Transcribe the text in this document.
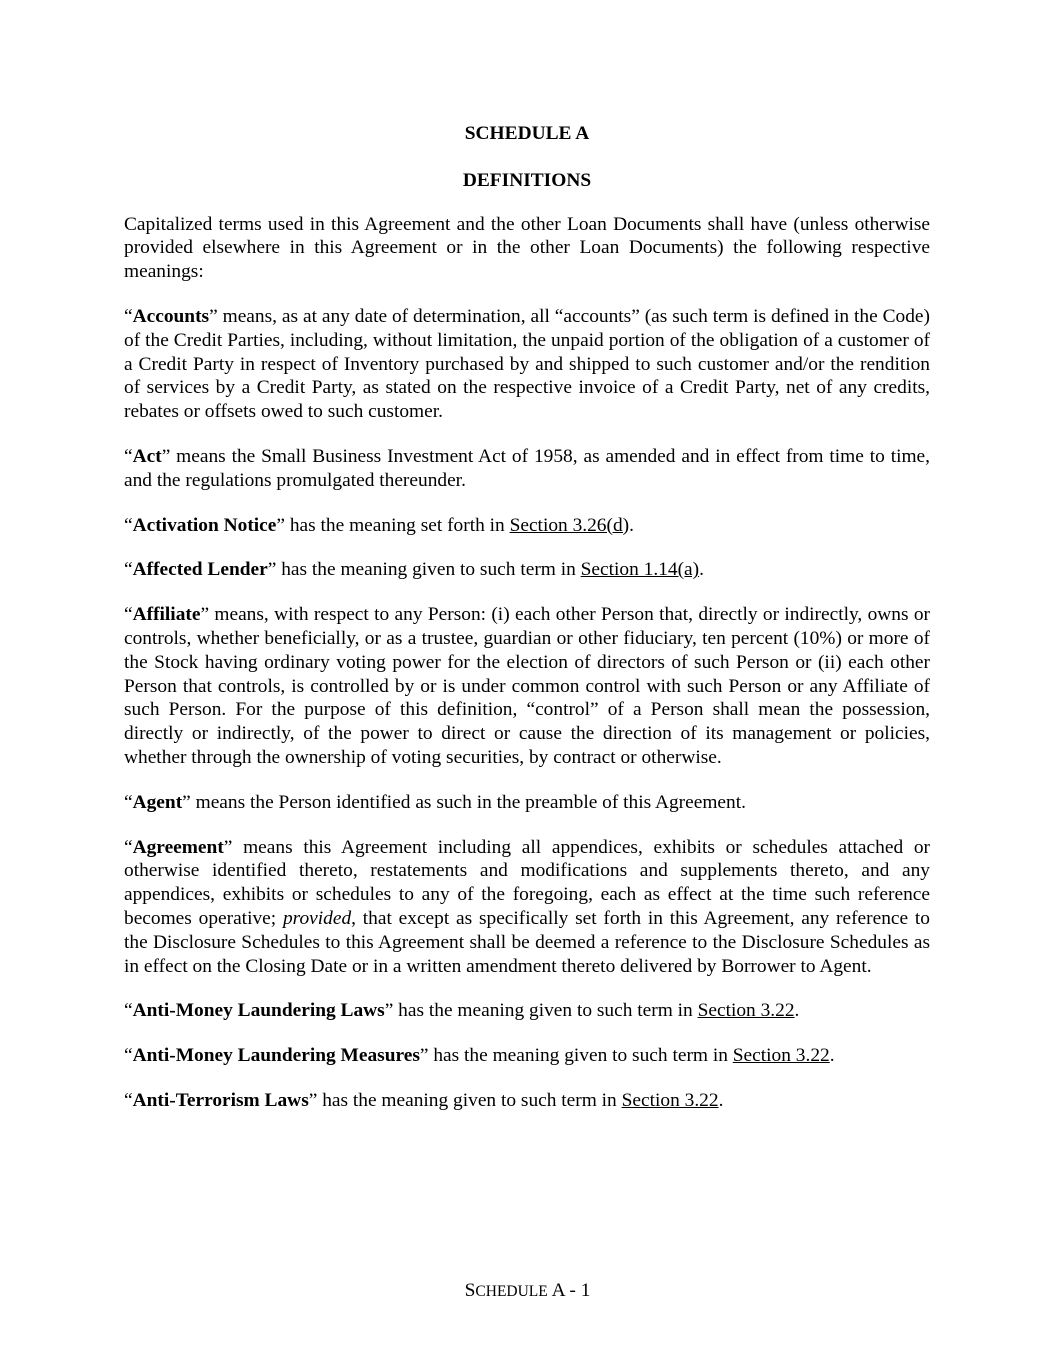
SCHEDULE A

DEFINITIONS

Capitalized terms used in this Agreement and the other Loan Documents shall have (unless otherwise provided elsewhere in this Agreement or in the other Loan Documents) the following respective meanings:

“Accounts” means, as at any date of determination, all “accounts” (as such term is defined in the Code) of the Credit Parties, including, without limitation, the unpaid portion of the obligation of a customer of a Credit Party in respect of Inventory purchased by and shipped to such customer and/or the rendition of services by a Credit Party, as stated on the respective invoice of a Credit Party, net of any credits, rebates or offsets owed to such customer.

“Act” means the Small Business Investment Act of 1958, as amended and in effect from time to time, and the regulations promulgated thereunder.

“Activation Notice” has the meaning set forth in Section 3.26(d).

“Affected Lender” has the meaning given to such term in Section 1.14(a).

“Affiliate” means, with respect to any Person: (i) each other Person that, directly or indirectly, owns or controls, whether beneficially, or as a trustee, guardian or other fiduciary, ten percent (10%) or more of the Stock having ordinary voting power for the election of directors of such Person or (ii) each other Person that controls, is controlled by or is under common control with such Person or any Affiliate of such Person. For the purpose of this definition, “control” of a Person shall mean the possession, directly or indirectly, of the power to direct or cause the direction of its management or policies, whether through the ownership of voting securities, by contract or otherwise.

“Agent” means the Person identified as such in the preamble of this Agreement.

“Agreement” means this Agreement including all appendices, exhibits or schedules attached or otherwise identified thereto, restatements and modifications and supplements thereto, and any appendices, exhibits or schedules to any of the foregoing, each as effect at the time such reference becomes operative; provided, that except as specifically set forth in this Agreement, any reference to the Disclosure Schedules to this Agreement shall be deemed a reference to the Disclosure Schedules as in effect on the Closing Date or in a written amendment thereto delivered by Borrower to Agent.

“Anti-Money Laundering Laws” has the meaning given to such term in Section 3.22.

“Anti-Money Laundering Measures” has the meaning given to such term in Section 3.22.

“Anti-Terrorism Laws” has the meaning given to such term in Section 3.22.

SCHEDULE A - 1
